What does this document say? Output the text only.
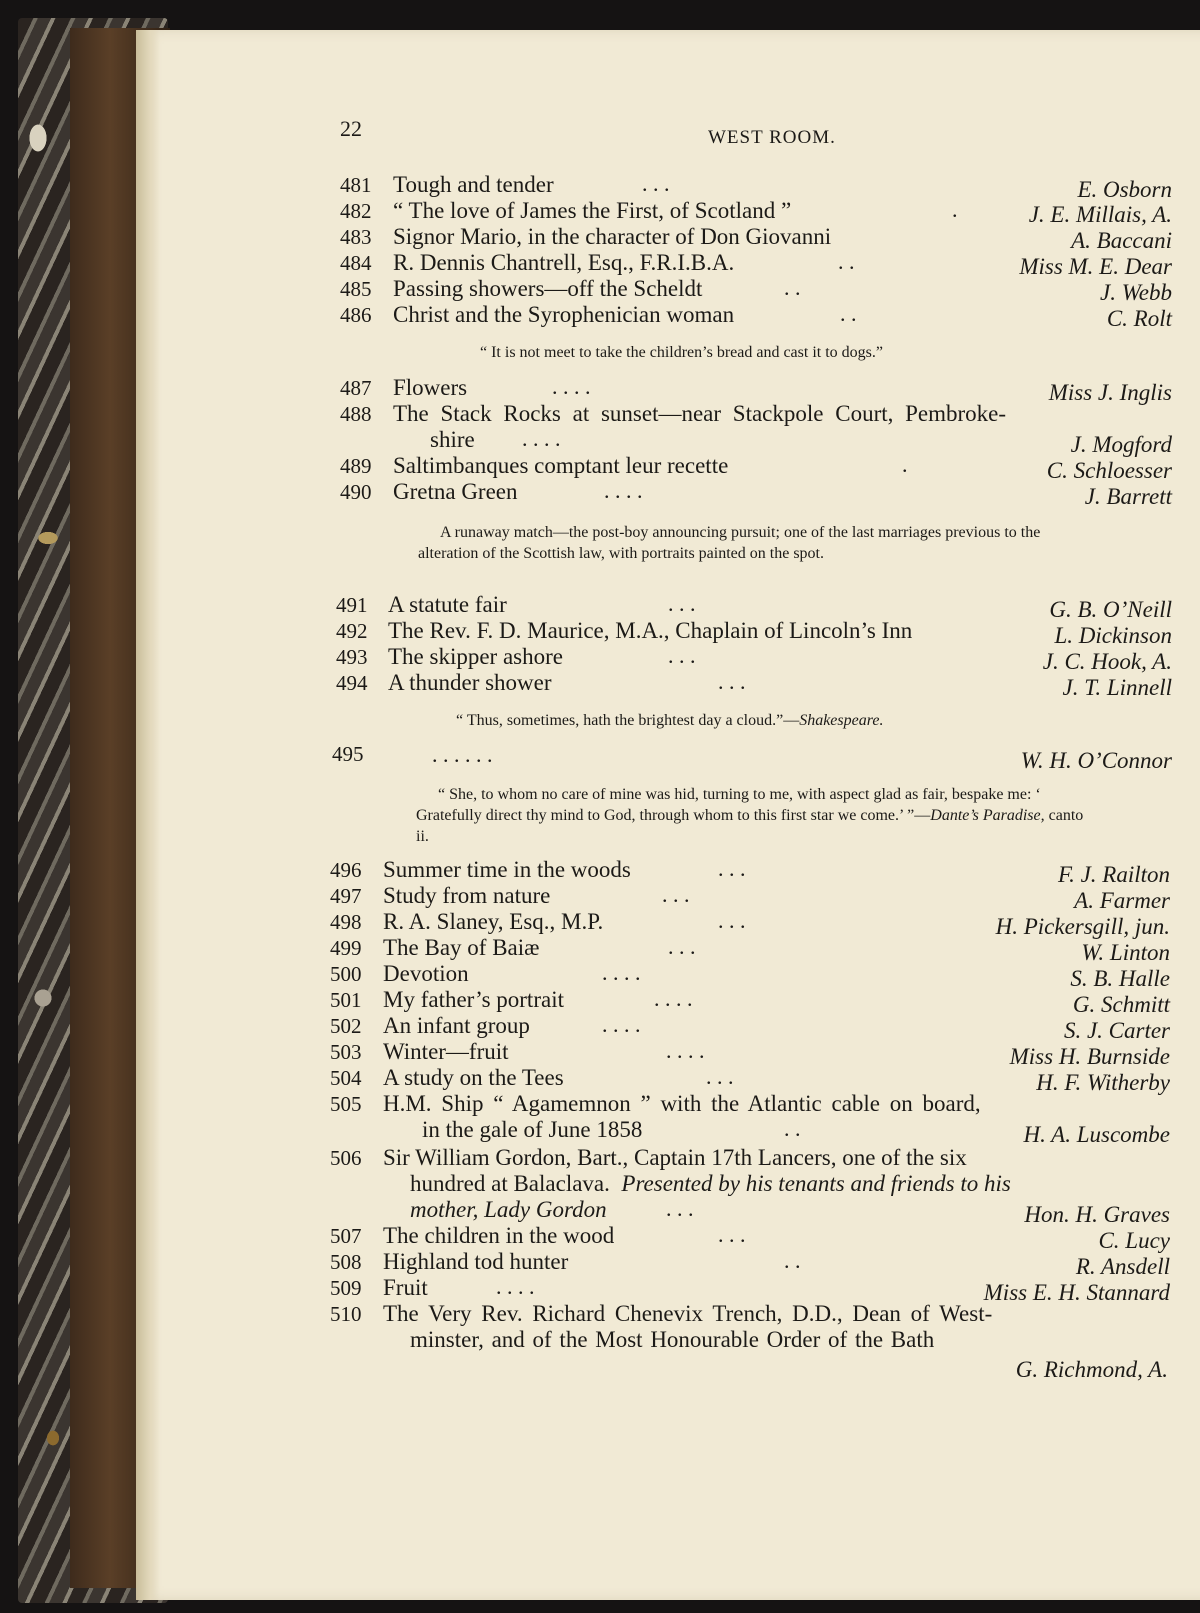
22	WEST ROOM.
481 Tough and tender	. . .	E. Osborn
482 “ The love of James the First, of Scotland ”	.	J. E. Millais, A.
483 Signor Mario, in the character of Don Giovanni	A. Baccani
484 R. Dennis Chantrell, Esq., F.R.I.B.A.	. .	Miss M. E. Dear
485 Passing showers—off the Scheldt	. .	J. Webb
486 Christ and the Syrophenician woman	. .	C. Rolt
“ It is not meet to take the children’s bread and cast it to dogs.”
487 Flowers	. . . .	Miss J. Inglis
488 The Stack Rocks at sunset—near Stackpole Court, Pembroke-
shire . . . .	J. Mogford
489 Saltimbanques comptant leur recette	.	C. Schloesser
490 Gretna Green	. . . .	J. Barrett
A runaway match—the post-boy announcing pursuit; one of the last marriages previous to the alteration of the Scottish law, with portraits painted on the spot.
491 A statute fair	. . .	G. B. O’Neill
492 The Rev. F. D. Maurice, M.A., Chaplain of Lincoln’s Inn	L. Dickinson
493 The skipper ashore	. . .	J. C. Hook, A.
494 A thunder shower	. . .	J. T. Linnell
“ Thus, sometimes, hath the brightest day a cloud.”—Shakespeare.
495	. . . . . .	W. H. O’Connor
“ She, to whom no care of mine was hid, turning to me, with aspect glad as fair, bespake me: ‘ Gratefully direct thy mind to God, through whom to this first star we come.’ ”—Dante’s Paradise, canto ii.
496 Summer time in the woods	. . .	F. J. Railton
497 Study from nature	. . .	A. Farmer
498 R. A. Slaney, Esq., M.P.	. . .	H. Pickersgill, jun.
499 The Bay of Baiæ	. . .	W. Linton
500 Devotion	. . . .	S. B. Halle
501 My father’s portrait	. . . .	G. Schmitt
502 An infant group	. . . .	S. J. Carter
503 Winter—fruit	. . . .	Miss H. Burnside
504 A study on the Tees	. . .	H. F. Witherby
505 H.M. Ship “ Agamemnon ” with the Atlantic cable on board,
in the gale of June 1858	. .	H. A. Luscombe
506 Sir William Gordon, Bart., Captain 17th Lancers, one of the six
hundred at Balaclava. Presented by his tenants and friends to his
mother, Lady Gordon	. . .	Hon. H. Graves
507 The children in the wood	. . .	C. Lucy
508 Highland tod hunter	. .	R. Ansdell
509 Fruit	. . . .	Miss E. H. Stannard
510 The Very Rev. Richard Chenevix Trench, D.D., Dean of West-
minster, and of the Most Honourable Order of the Bath
G. Richmond, A.
